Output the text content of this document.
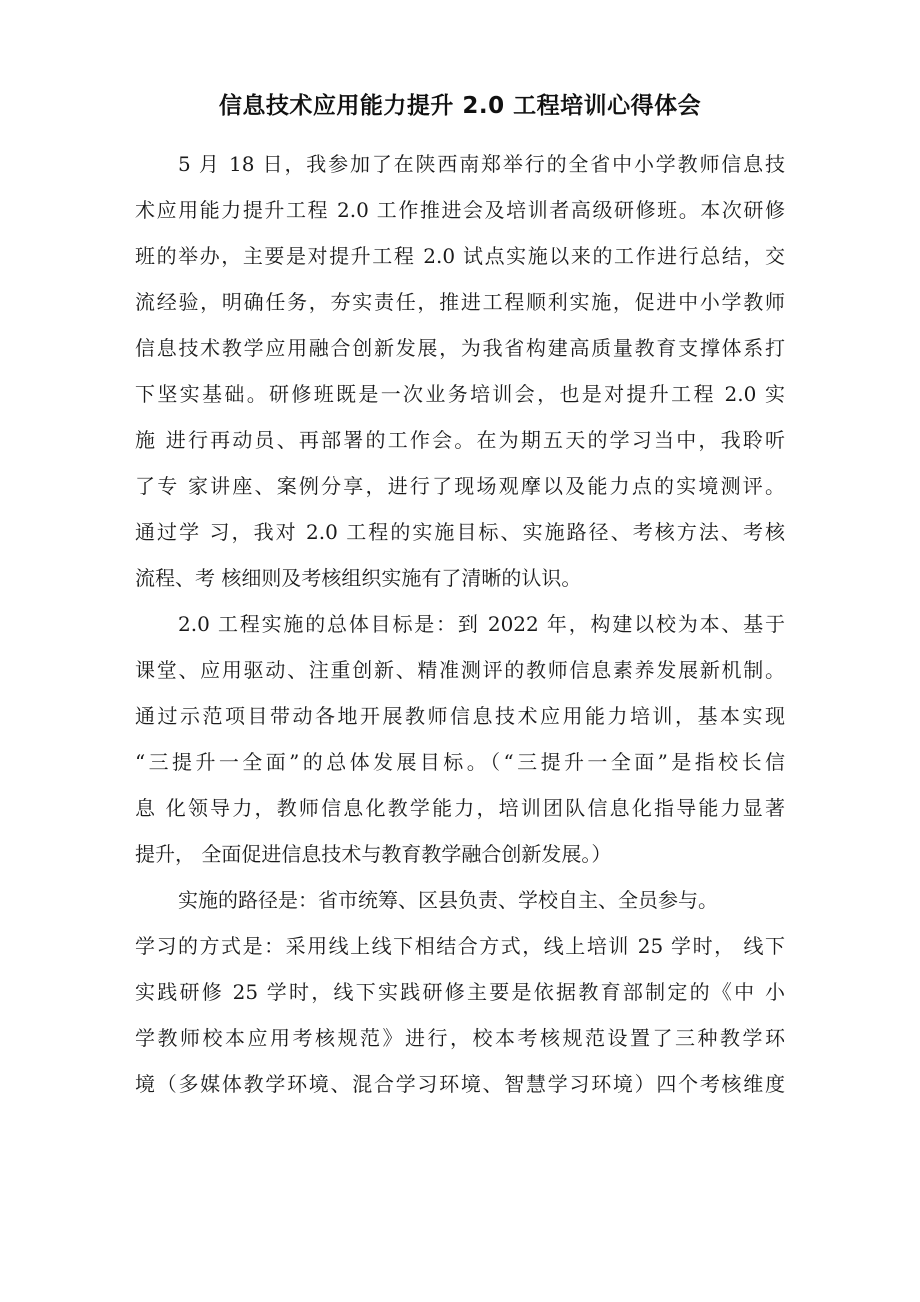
信息技术应用能力提升 2.0 工程培训心得体会
5 月 18 日，我参加了在陕西南郑举行的全省中小学教师信息技
术应用能力提升工程 2.0 工作推进会及培训者高级研修班。本次研修
班的举办，主要是对提升工程 2.0 试点实施以来的工作进行总结，交
流经验，明确任务，夯实责任，推进工程顺利实施，促进中小学教师
信息技术教学应用融合创新发展，为我省构建高质量教育支撑体系打
下坚实基础。研修班既是一次业务培训会，也是对提升工程 2.0 实
施 进行再动员、再部署的工作会。在为期五天的学习当中，我聆听
了专 家讲座、案例分享，进行了现场观摩以及能力点的实境测评。
通过学 习，我对 2.0 工程的实施目标、实施路径、考核方法、考核
流程、考 核细则及考核组织实施有了清晰的认识。
2.0 工程实施的总体目标是：到 2022 年，构建以校为本、基于
课堂、应用驱动、注重创新、精准测评的教师信息素养发展新机制。
通过示范项目带动各地开展教师信息技术应用能力培训，基本实现
“三提升一全面”的总体发展目标。（“三提升一全面”是指校长信
息 化领导力，教师信息化教学能力，培训团队信息化指导能力显著
提升， 全面促进信息技术与教育教学融合创新发展。）
实施的路径是：省市统筹、区县负责、学校自主、全员参与。
学习的方式是：采用线上线下相结合方式，线上培训 25 学时， 线下
实践研修 25 学时，线下实践研修主要是依据教育部制定的《中 小
学教师校本应用考核规范》进行，校本考核规范设置了三种教学环
境（多媒体教学环境、混合学习环境、智慧学习环境）四个考核维度
